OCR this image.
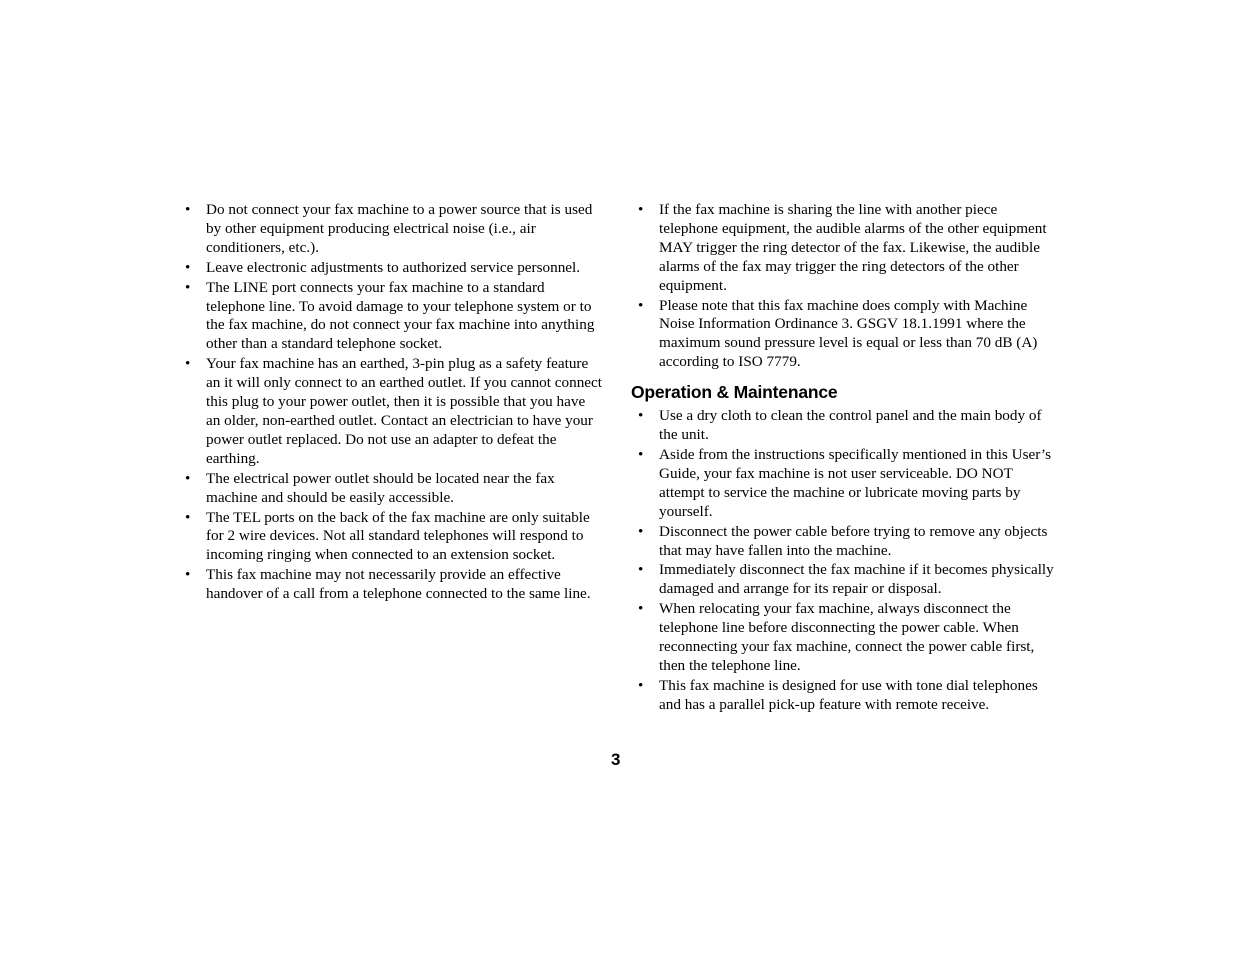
• Do not connect your fax machine to a power source that is used by other equipment producing electrical noise (i.e., air conditioners, etc.).
• Leave electronic adjustments to authorized service personnel.
• The LINE port connects your fax machine to a standard telephone line. To avoid damage to your telephone system or to the fax machine, do not connect your fax machine into anything other than a standard telephone socket.
• Your fax machine has an earthed, 3-pin plug as a safety feature an it will only connect to an earthed outlet. If you cannot connect this plug to your power outlet, then it is possible that you have an older, non-earthed outlet. Contact an electrician to have your power outlet replaced. Do not use an adapter to defeat the earthing.
• The electrical power outlet should be located near the fax machine and should be easily accessible.
• The TEL ports on the back of the fax machine are only suitable for 2 wire devices. Not all standard telephones will respond to incoming ringing when connected to an extension socket.
• This fax machine may not necessarily provide an effective handover of a call from a telephone connected to the same line.
• If the fax machine is sharing the line with another piece telephone equipment, the audible alarms of the other equipment MAY trigger the ring detector of the fax. Likewise, the audible alarms of the fax may trigger the ring detectors of the other equipment.
• Please note that this fax machine does comply with Machine Noise Information Ordinance 3. GSGV 18.1.1991 where the maximum sound pressure level is equal or less than 70 dB (A) according to ISO 7779.
Operation & Maintenance
• Use a dry cloth to clean the control panel and the main body of the unit.
• Aside from the instructions specifically mentioned in this User’s Guide, your fax machine is not user serviceable. DO NOT attempt to service the machine or lubricate moving parts by yourself.
• Disconnect the power cable before trying to remove any objects that may have fallen into the machine.
• Immediately disconnect the fax machine if it becomes physically damaged and arrange for its repair or disposal.
• When relocating your fax machine, always disconnect the telephone line before disconnecting the power cable. When reconnecting your fax machine, connect the power cable first, then the telephone line.
• This fax machine is designed for use with tone dial telephones and has a parallel pick-up feature with remote receive.
3
